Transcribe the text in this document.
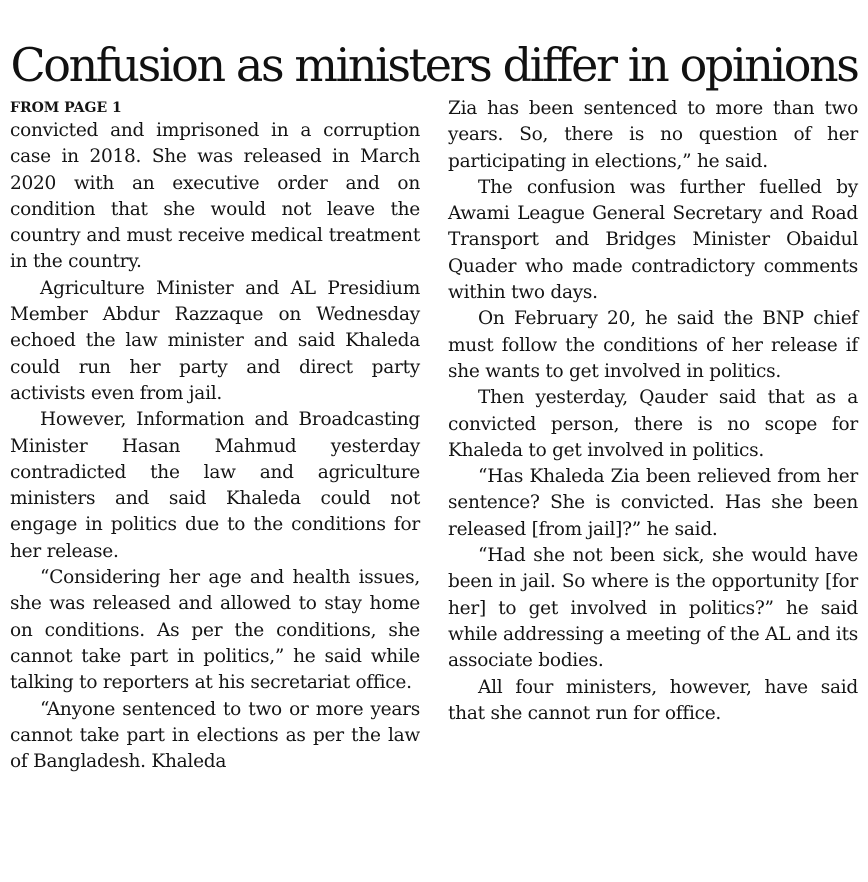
Confusion as ministers differ in opinions
FROM PAGE 1

convicted and imprisoned in a corruption case in 2018. She was released in March 2020 with an executive order and on condition that she would not leave the country and must receive medical treatment in the country.

Agriculture Minister and AL Presidium Member Abdur Razzaque on Wednesday echoed the law minister and said Khaleda could run her party and direct party activists even from jail.

However, Information and Broadcasting Minister Hasan Mahmud yesterday contradicted the law and agriculture ministers and said Khaleda could not engage in politics due to the conditions for her release.

“Considering her age and health issues, she was released and allowed to stay home on conditions. As per the conditions, she cannot take part in politics,” he said while talking to reporters at his secretariat office.

“Anyone sentenced to two or more years cannot take part in elections as per the law of Bangladesh. Khaleda

Zia has been sentenced to more than two years. So, there is no question of her participating in elections,” he said.

The confusion was further fuelled by Awami League General Secretary and Road Transport and Bridges Minister Obaidul Quader who made contradictory comments within two days.

On February 20, he said the BNP chief must follow the conditions of her release if she wants to get involved in politics.

Then yesterday, Qauder said that as a convicted person, there is no scope for Khaleda to get involved in politics.

“Has Khaleda Zia been relieved from her sentence? She is convicted. Has she been released [from jail]?” he said.

“Had she not been sick, she would have been in jail. So where is the opportunity [for her] to get involved in politics?” he said while addressing a meeting of the AL and its associate bodies.

All four ministers, however, have said that she cannot run for office.
